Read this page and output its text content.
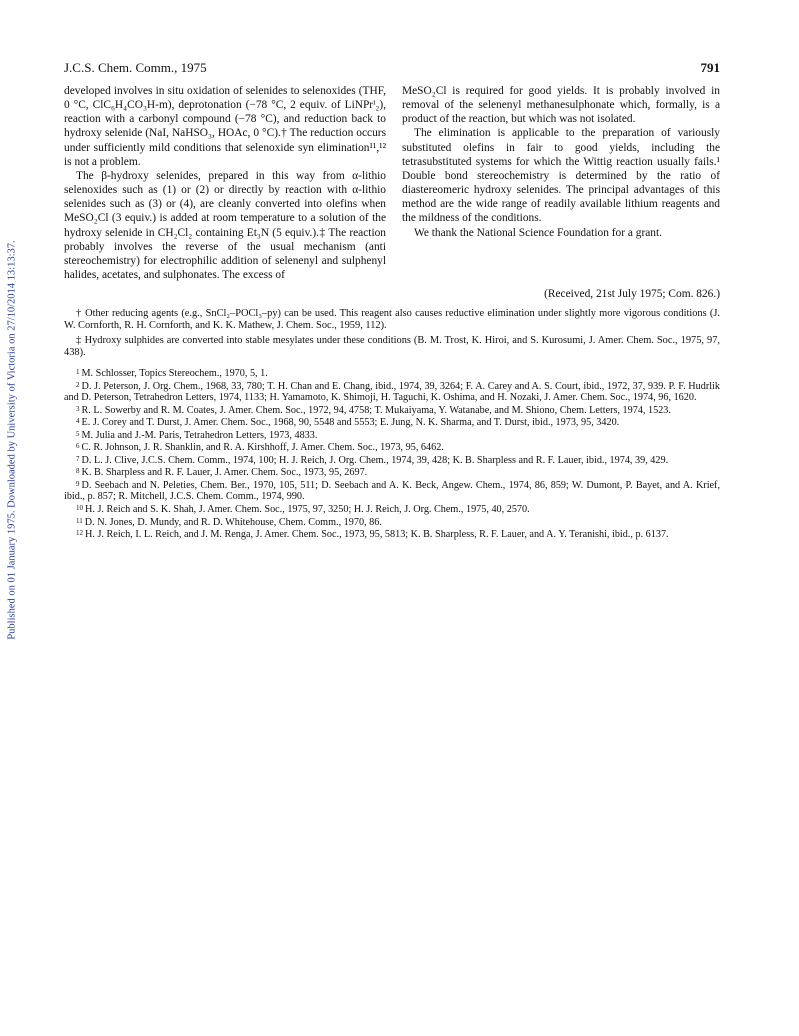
Published on 01 January 1975. Downloaded by University of Victoria on 27/10/2014 13:13:37.
J.C.S. Chem. Comm., 1975	791

developed involves in situ oxidation of selenides to selenoxides (THF, 0 °C, ClC₆H₄CO₃H-m), deprotonation (−78 °C, 2 equiv. of LiNPrⁱ₂), reaction with a carbonyl compound (−78 °C), and reduction back to hydroxy selenide (NaI, NaHSO₃, HOAc, 0 °C).† The reduction occurs under sufficiently mild conditions that selenoxide syn elimination¹¹,¹² is not a problem.

The β-hydroxy selenides, prepared in this way from α-lithio selenoxides such as (1) or (2) or directly by reaction with α-lithio selenides such as (3) or (4), are cleanly converted into olefins when MeSO₂Cl (3 equiv.) is added at room temperature to a solution of the hydroxy selenide in CH₂Cl₂ containing Et₃N (5 equiv.).‡ The reaction probably involves the reverse of the usual mechanism (anti stereochemistry) for electrophilic addition of selenenyl and sulphenyl halides, acetates, and sulphonates. The excess of

MeSO₂Cl is required for good yields. It is probably involved in removal of the selenenyl methanesulphonate which, formally, is a product of the reaction, but which was not isolated.

The elimination is applicable to the preparation of variously substituted olefins in fair to good yields, including the tetrasubstituted systems for which the Wittig reaction usually fails.¹ Double bond stereochemistry is determined by the ratio of diastereomeric hydroxy selenides. The principal advantages of this method are the wide range of readily available lithium reagents and the mildness of the conditions.

We thank the National Science Foundation for a grant.

(Received, 21st July 1975; Com. 826.)

† Other reducing agents (e.g., SnCl₂–POCl₃–py) can be used. This reagent also causes reductive elimination under slightly more vigorous conditions (J. W. Cornforth, R. H. Cornforth, and K. K. Mathew, J. Chem. Soc., 1959, 112).

‡ Hydroxy sulphides are converted into stable mesylates under these conditions (B. M. Trost, K. Hiroi, and S. Kurosumi, J. Amer. Chem. Soc., 1975, 97, 438).

1 M. Schlosser, Topics Stereochem., 1970, 5, 1.

2 D. J. Peterson, J. Org. Chem., 1968, 33, 780; T. H. Chan and E. Chang, ibid., 1974, 39, 3264; F. A. Carey and A. S. Court, ibid., 1972, 37, 939. P. F. Hudrlik and D. Peterson, Tetrahedron Letters, 1974, 1133; H. Yamamoto, K. Shimoji, H. Taguchi, K. Oshima, and H. Nozaki, J. Amer. Chem. Soc., 1974, 96, 1620.

3 R. L. Sowerby and R. M. Coates, J. Amer. Chem. Soc., 1972, 94, 4758; T. Mukaiyama, Y. Watanabe, and M. Shiono, Chem. Letters, 1974, 1523.

4 E. J. Corey and T. Durst, J. Amer. Chem. Soc., 1968, 90, 5548 and 5553; E. Jung, N. K. Sharma, and T. Durst, ibid., 1973, 95, 3420.

5 M. Julia and J.-M. Paris, Tetrahedron Letters, 1973, 4833.

6 C. R. Johnson, J. R. Shanklin, and R. A. Kirshhoff, J. Amer. Chem. Soc., 1973, 95, 6462.

7 D. L. J. Clive, J.C.S. Chem. Comm., 1974, 100; H. J. Reich, J. Org. Chem., 1974, 39, 428; K. B. Sharpless and R. F. Lauer, ibid., 1974, 39, 429.

8 K. B. Sharpless and R. F. Lauer, J. Amer. Chem. Soc., 1973, 95, 2697.

9 D. Seebach and N. Peleties, Chem. Ber., 1970, 105, 511; D. Seebach and A. K. Beck, Angew. Chem., 1974, 86, 859; W. Dumont, P. Bayet, and A. Krief, ibid., p. 857; R. Mitchell, J.C.S. Chem. Comm., 1974, 990.

10 H. J. Reich and S. K. Shah, J. Amer. Chem. Soc., 1975, 97, 3250; H. J. Reich, J. Org. Chem., 1975, 40, 2570.

11 D. N. Jones, D. Mundy, and R. D. Whitehouse, Chem. Comm., 1970, 86.

12 H. J. Reich, I. L. Reich, and J. M. Renga, J. Amer. Chem. Soc., 1973, 95, 5813; K. B. Sharpless, R. F. Lauer, and A. Y. Teranishi, ibid., p. 6137.
